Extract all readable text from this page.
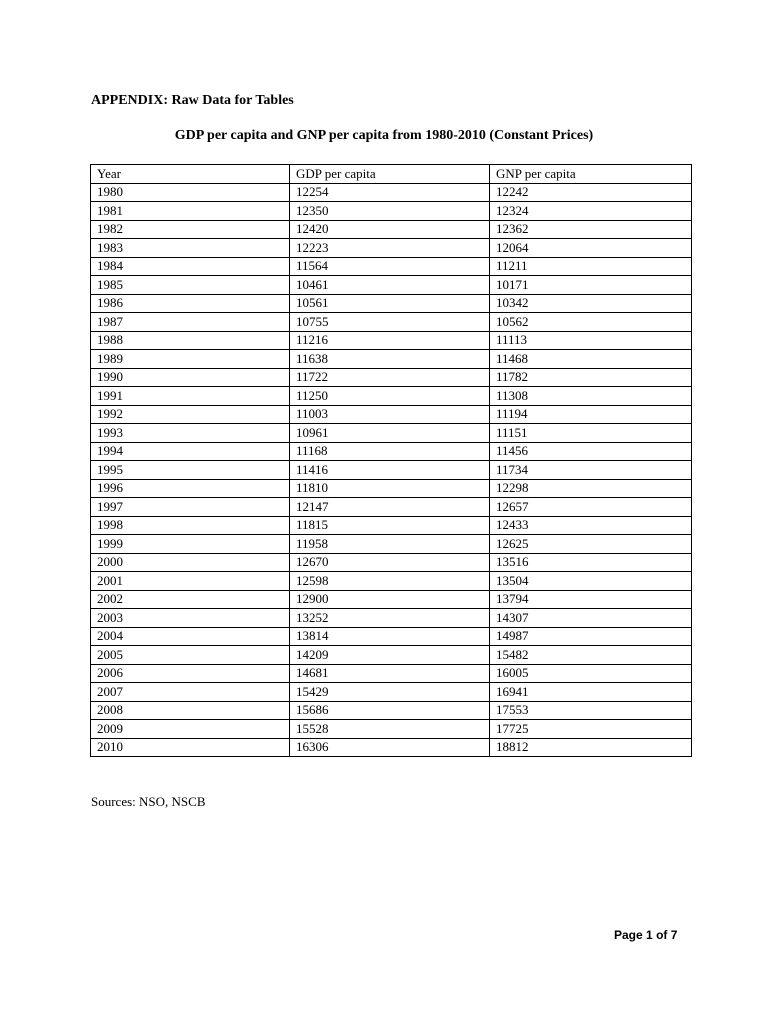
APPENDIX: Raw Data for Tables

GDP per capita and GNP per capita from 1980-2010 (Constant Prices)

Year	GDP per capita	GNP per capita
1980	12254	12242
1981	12350	12324
1982	12420	12362
1983	12223	12064
1984	11564	11211
1985	10461	10171
1986	10561	10342
1987	10755	10562
1988	11216	11113
1989	11638	11468
1990	11722	11782
1991	11250	11308
1992	11003	11194
1993	10961	11151
1994	11168	11456
1995	11416	11734
1996	11810	12298
1997	12147	12657
1998	11815	12433
1999	11958	12625
2000	12670	13516
2001	12598	13504
2002	12900	13794
2003	13252	14307
2004	13814	14987
2005	14209	15482
2006	14681	16005
2007	15429	16941
2008	15686	17553
2009	15528	17725
2010	16306	18812

Sources: NSO, NSCB

Page 1 of 7
